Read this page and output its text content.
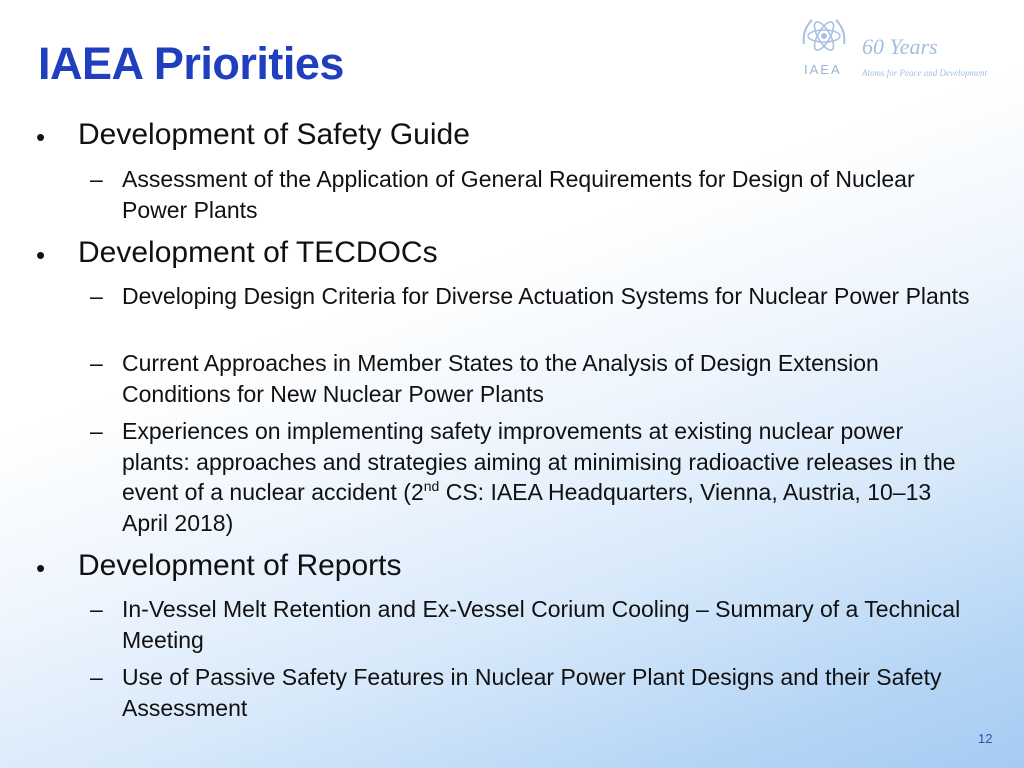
IAEA Priorities	IAEA
60 Years
Atoms for Peace and Development
• Development of Safety Guide
– Assessment of the Application of General Requirements for Design of Nuclear Power Plants
• Development of TECDOCs
– Developing Design Criteria for Diverse Actuation Systems for Nuclear Power Plants
– Current Approaches in Member States to the Analysis of Design Extension Conditions for New Nuclear Power Plants
– Experiences on implementing safety improvements at existing nuclear power plants: approaches and strategies aiming at minimising radioactive releases in the event of a nuclear accident (2nd CS: IAEA Headquarters, Vienna, Austria, 10–13 April 2018)
• Development of Reports
– In-Vessel Melt Retention and Ex-Vessel Corium Cooling – Summary of a Technical Meeting
– Use of Passive Safety Features in Nuclear Power Plant Designs and their Safety Assessment
12
